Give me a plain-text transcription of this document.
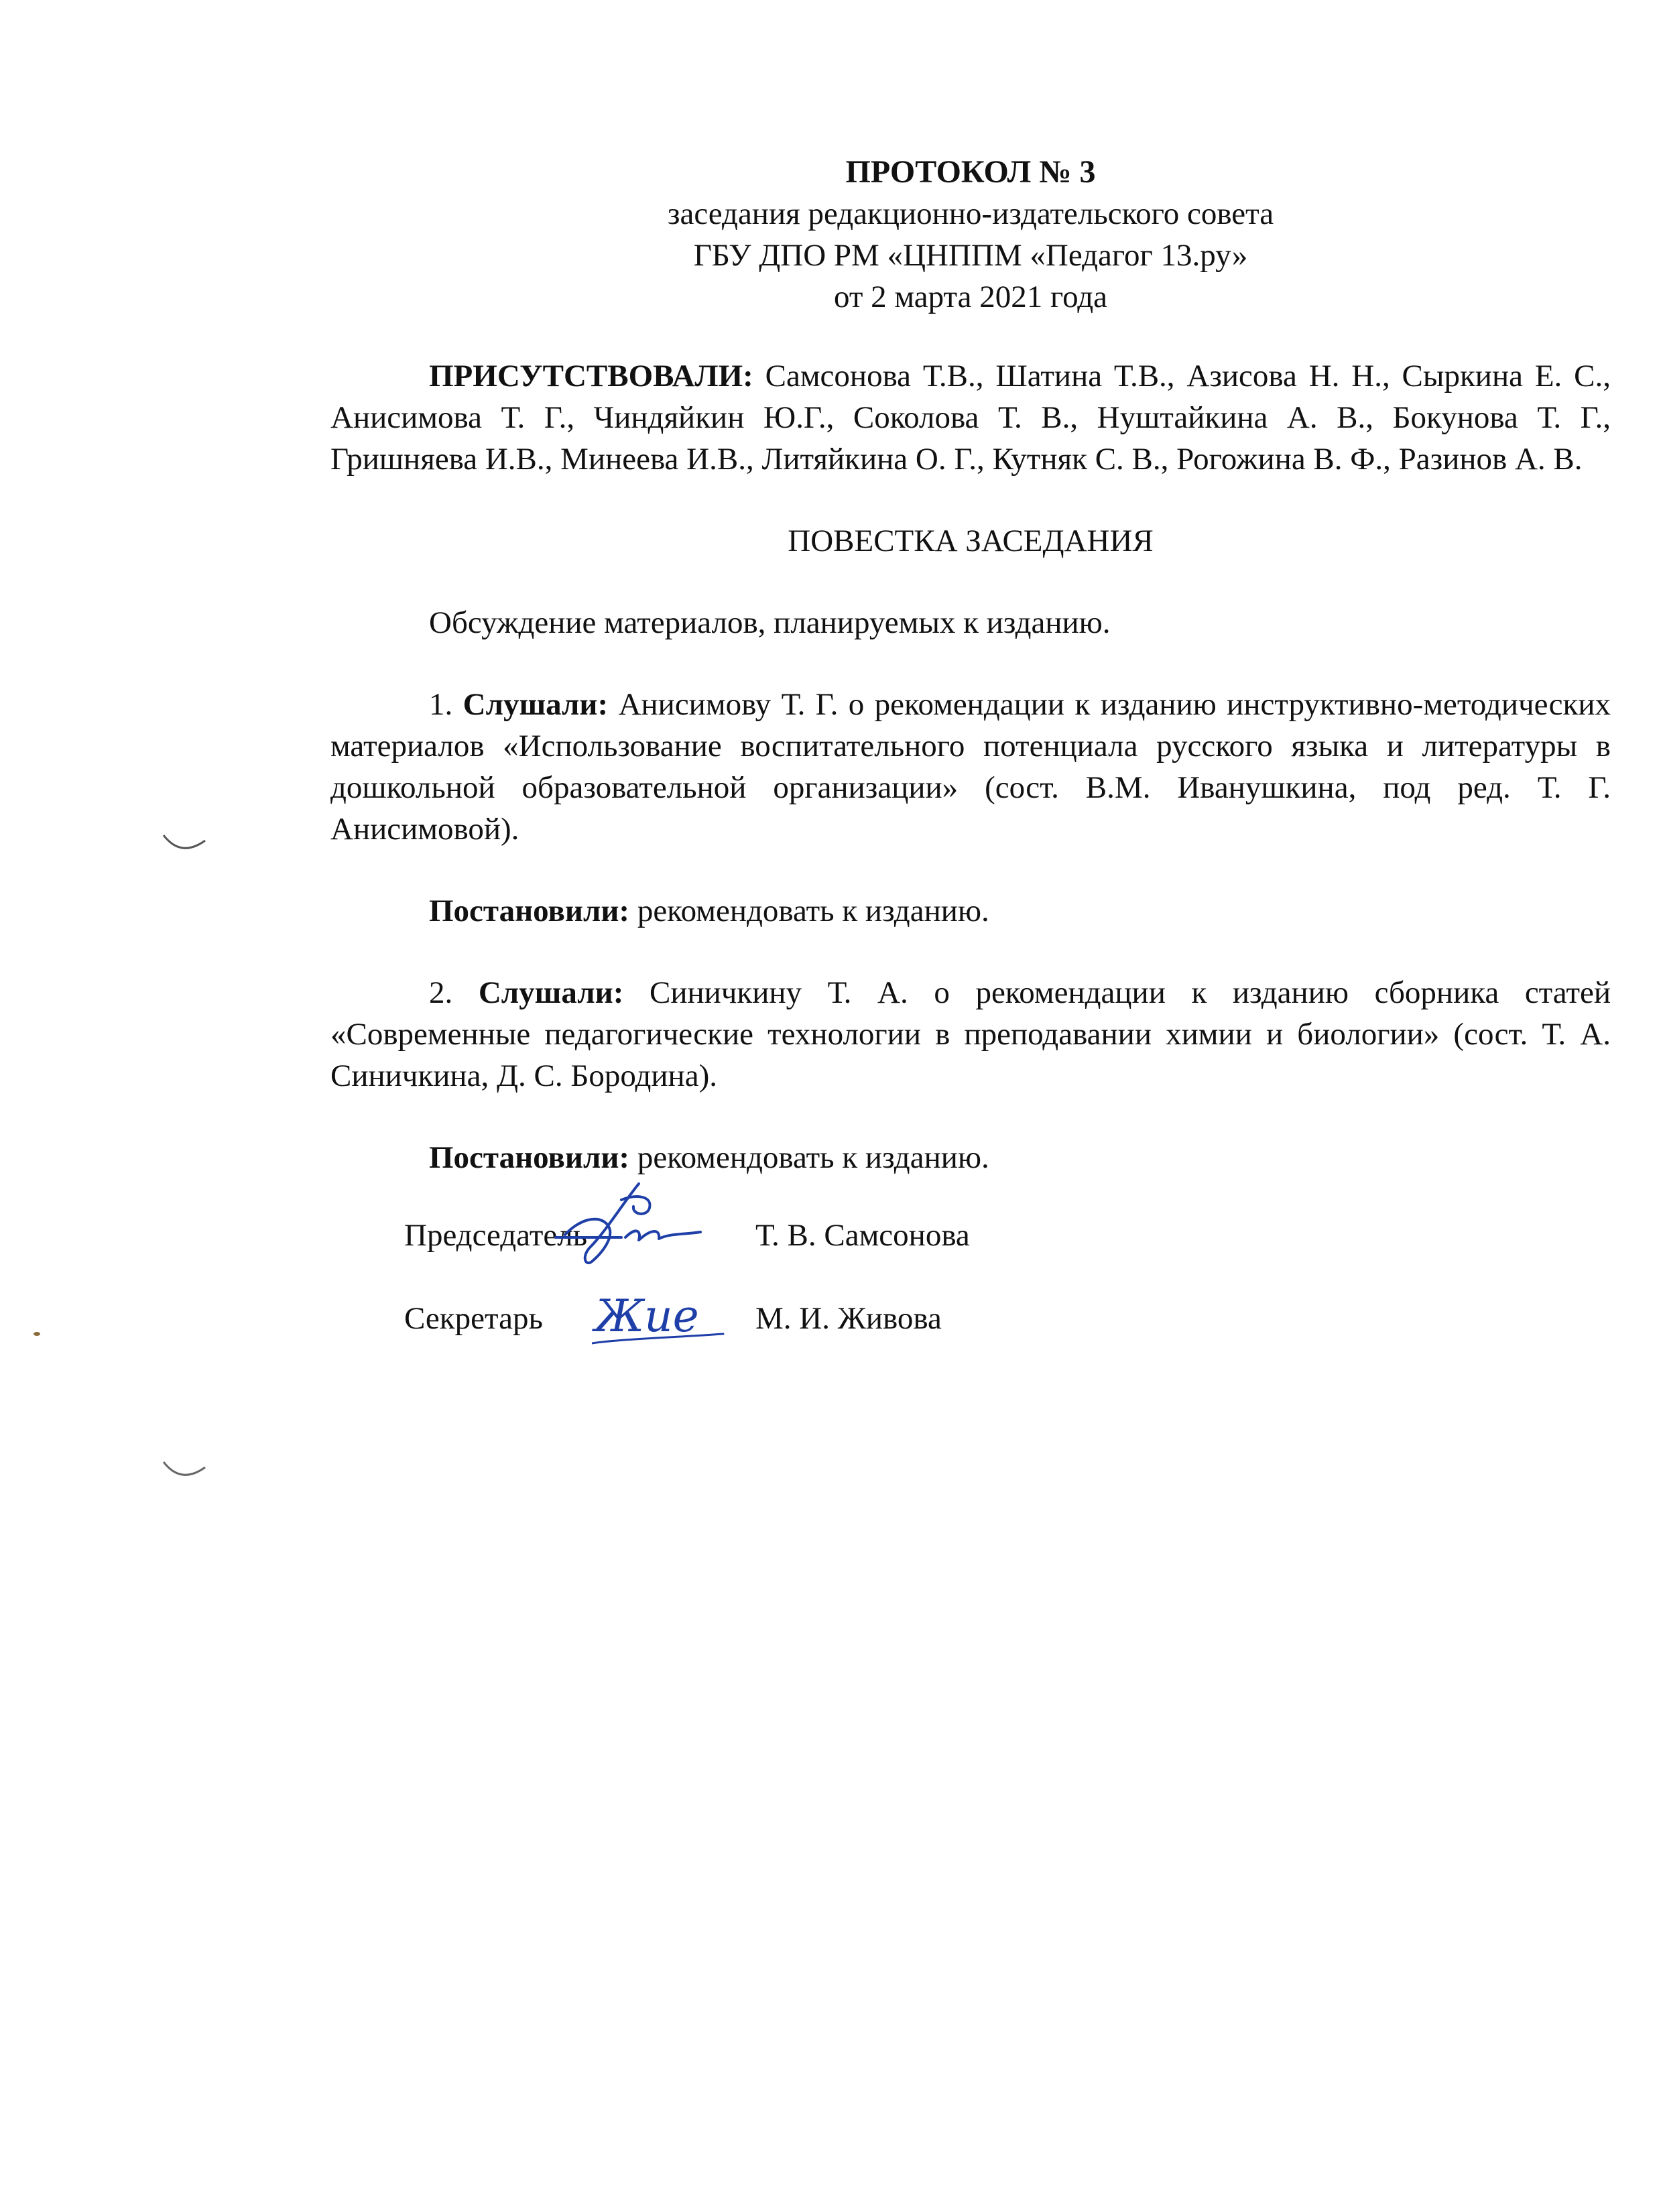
ПРОТОКОЛ № 3
заседания редакционно-издательского совета
ГБУ ДПО РМ «ЦНППМ «Педагог 13.ру»
от 2 марта 2021 года

ПРИСУТСТВОВАЛИ: Самсонова Т.В., Шатина Т.В., Азисова Н. Н., Сыркина Е. С., Анисимова Т. Г., Чиндяйкин Ю.Г., Соколова Т. В., Нуштайкина А. В., Бокунова Т. Г., Гришняева И.В., Минеева И.В., Литяйкина О. Г., Кутняк С. В., Рогожина В. Ф., Разинов А. В.

ПОВЕСТКА ЗАСЕДАНИЯ

Обсуждение материалов, планируемых к изданию.

1. Слушали: Анисимову Т. Г. о рекомендации к изданию инструктивно-методических материалов «Использование воспитательного потенциала русского языка и литературы в дошкольной образовательной организации» (сост. В.М. Иванушкина, под ред. Т. Г. Анисимовой).

Постановили: рекомендовать к изданию.

2. Слушали: Синичкину Т. А. о рекомендации к изданию сборника статей «Современные педагогические технологии в преподавании химии и биологии» (сост. Т. А. Синичкина, Д. С. Бородина).

Постановили: рекомендовать к изданию.

Председатель	Т. В. Самсонова
Секретарь Жие М. И. Живова
